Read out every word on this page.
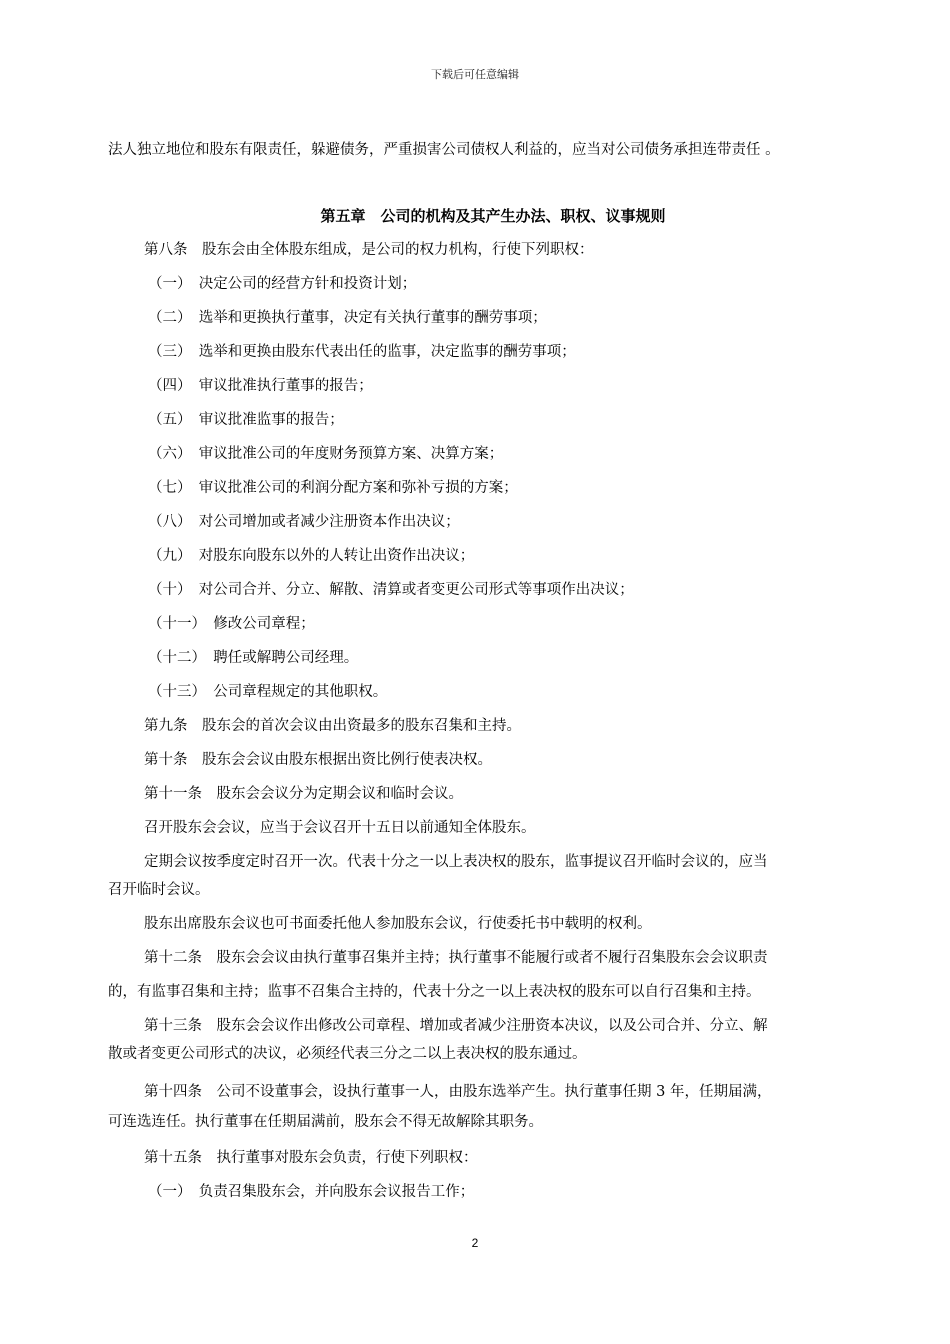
下载后可任意编辑
法人独立地位和股东有限责任，躲避债务，严重损害公司债权人利益的，应当对公司债务承担连带责任 。
第五章　公司的机构及其产生办法、职权、议事规则
第八条　股东会由全体股东组成，是公司的权力机构，行使下列职权：
（一）　决定公司的经营方针和投资计划；
（二）　选举和更换执行董事，决定有关执行董事的酬劳事项；
（三）　选举和更换由股东代表出任的监事，决定监事的酬劳事项；
（四）　审议批准执行董事的报告；
（五）　审议批准监事的报告；
（六）　审议批准公司的年度财务预算方案、决算方案；
（七）　审议批准公司的利润分配方案和弥补亏损的方案；
（八）　对公司增加或者减少注册资本作出决议；
（九）　对股东向股东以外的人转让出资作出决议；
（十）　对公司合并、分立、解散、清算或者变更公司形式等事项作出决议；
（十一）　修改公司章程；
（十二）　聘任或解聘公司经理。
（十三）　公司章程规定的其他职权。
第九条　股东会的首次会议由出资最多的股东召集和主持。
第十条　股东会会议由股东根据出资比例行使表决权。
第十一条　股东会会议分为定期会议和临时会议。
召开股东会会议，应当于会议召开十五日以前通知全体股东。
定期会议按季度定时召开一次。代表十分之一以上表决权的股东，监事提议召开临时会议的，应当
召开临时会议。
股东出席股东会议也可书面委托他人参加股东会议，行使委托书中载明的权利。
第十二条　股东会会议由执行董事召集并主持；执行董事不能履行或者不履行召集股东会会议职责
的，有监事召集和主持；监事不召集合主持的，代表十分之一以上表决权的股东可以自行召集和主持。
第十三条　股东会会议作出修改公司章程、增加或者减少注册资本决议，以及公司合并、分立、解
散或者变更公司形式的决议，必须经代表三分之二以上表决权的股东通过。
第十四条　公司不设董事会，设执行董事一人，由股东选举产生。执行董事任期 3 年，任期届满，
可连选连任。执行董事在任期届满前，股东会不得无故解除其职务。
第十五条　执行董事对股东会负责，行使下列职权：
（一）　负责召集股东会，并向股东会议报告工作；
2
